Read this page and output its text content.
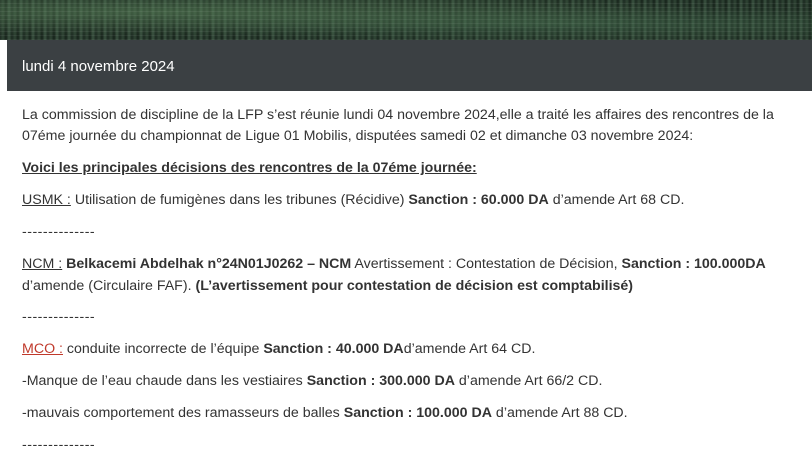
lundi 4 novembre 2024
La commission de discipline de la LFP s’est réunie lundi 04 novembre 2024,elle a traité les affaires des rencontres de la
07éme journée du championnat de Ligue 01 Mobilis, disputées samedi 02 et dimanche 03 novembre 2024:
Voici les principales décisions des rencontres de la 07éme journée:
USMK : Utilisation de fumigènes dans les tribunes (Récidive) Sanction : 60.000 DA d’amende Art 68 CD.
--------------
NCM : Belkacemi Abdelhak n°24N01J0262 – NCM Avertissement : Contestation de Décision, Sanction : 100.000DA
d’amende (Circulaire FAF). (L’avertissement pour contestation de décision est comptabilisé)
--------------
MCO : conduite incorrecte de l’équipe Sanction : 40.000 DAd’amende Art 64 CD.
-Manque de l’eau chaude dans les vestiaires Sanction : 300.000 DA d’amende Art 66/2 CD.
-mauvais comportement des ramasseurs de balles Sanction : 100.000 DA d’amende Art 88 CD.
--------------
